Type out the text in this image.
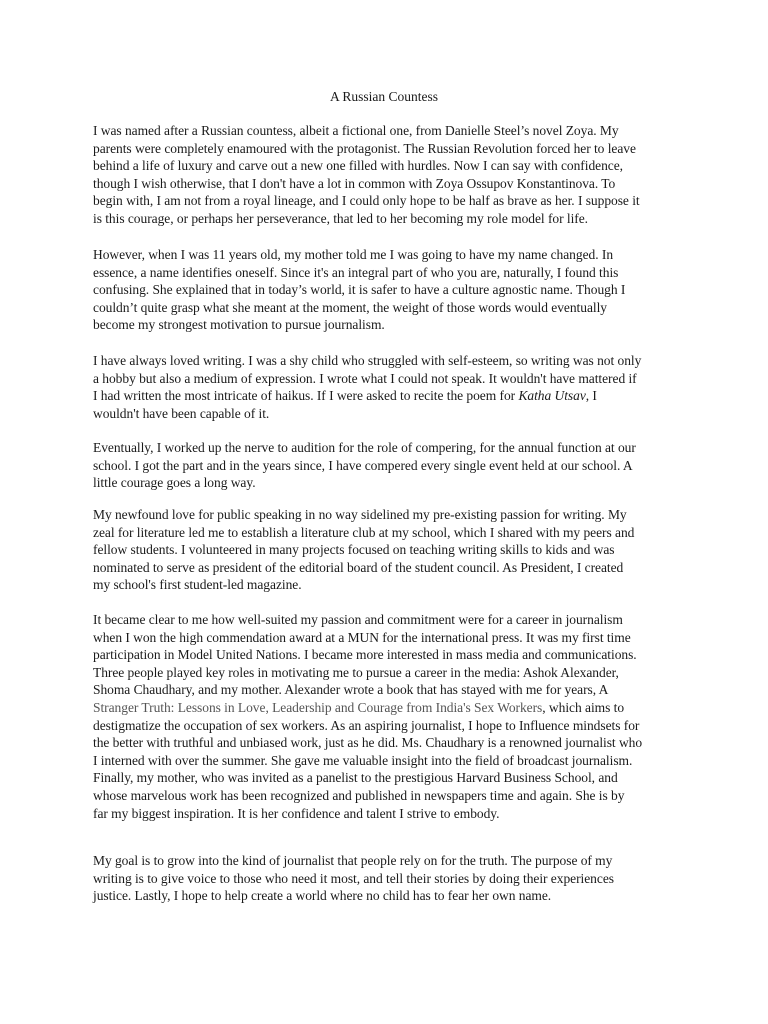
A Russian Countess

I was named after a Russian countess, albeit a fictional one, from Danielle Steel’s novel Zoya. My
parents were completely enamoured with the protagonist. The Russian Revolution forced her to leave
behind a life of luxury and carve out a new one filled with hurdles. Now I can say with confidence,
though I wish otherwise, that I don't have a lot in common with Zoya Ossupov Konstantinova. To
begin with, I am not from a royal lineage, and I could only hope to be half as brave as her. I suppose it
is this courage, or perhaps her perseverance, that led to her becoming my role model for life.

However, when I was 11 years old, my mother told me I was going to have my name changed. In
essence, a name identifies oneself. Since it's an integral part of who you are, naturally, I found this
confusing. She explained that in today’s world, it is safer to have a culture agnostic name. Though I
couldn’t quite grasp what she meant at the moment, the weight of those words would eventually
become my strongest motivation to pursue journalism.

I have always loved writing. I was a shy child who struggled with self-esteem, so writing was not only
a hobby but also a medium of expression. I wrote what I could not speak. It wouldn't have mattered if
I had written the most intricate of haikus. If I were asked to recite the poem for Katha Utsav, I
wouldn't have been capable of it.

Eventually, I worked up the nerve to audition for the role of compering, for the annual function at our
school. I got the part and in the years since, I have compered every single event held at our school. A
little courage goes a long way.

My newfound love for public speaking in no way sidelined my pre-existing passion for writing. My
zeal for literature led me to establish a literature club at my school, which I shared with my peers and
fellow students. I volunteered in many projects focused on teaching writing skills to kids and was
nominated to serve as president of the editorial board of the student council. As President, I created
my school's first student-led magazine.

It became clear to me how well-suited my passion and commitment were for a career in journalism
when I won the high commendation award at a MUN for the international press. It was my first time
participation in Model United Nations. I became more interested in mass media and communications.
Three people played key roles in motivating me to pursue a career in the media: Ashok Alexander,
Shoma Chaudhary, and my mother. Alexander wrote a book that has stayed with me for years, A
Stranger Truth: Lessons in Love, Leadership and Courage from India's Sex Workers, which aims to
destigmatize the occupation of sex workers. As an aspiring journalist, I hope to Influence mindsets for
the better with truthful and unbiased work, just as he did. Ms. Chaudhary is a renowned journalist who
I interned with over the summer. She gave me valuable insight into the field of broadcast journalism.
Finally, my mother, who was invited as a panelist to the prestigious Harvard Business School, and
whose marvelous work has been recognized and published in newspapers time and again. She is by
far my biggest inspiration. It is her confidence and talent I strive to embody.

My goal is to grow into the kind of journalist that people rely on for the truth. The purpose of my
writing is to give voice to those who need it most, and tell their stories by doing their experiences
justice. Lastly, I hope to help create a world where no child has to fear her own name.
